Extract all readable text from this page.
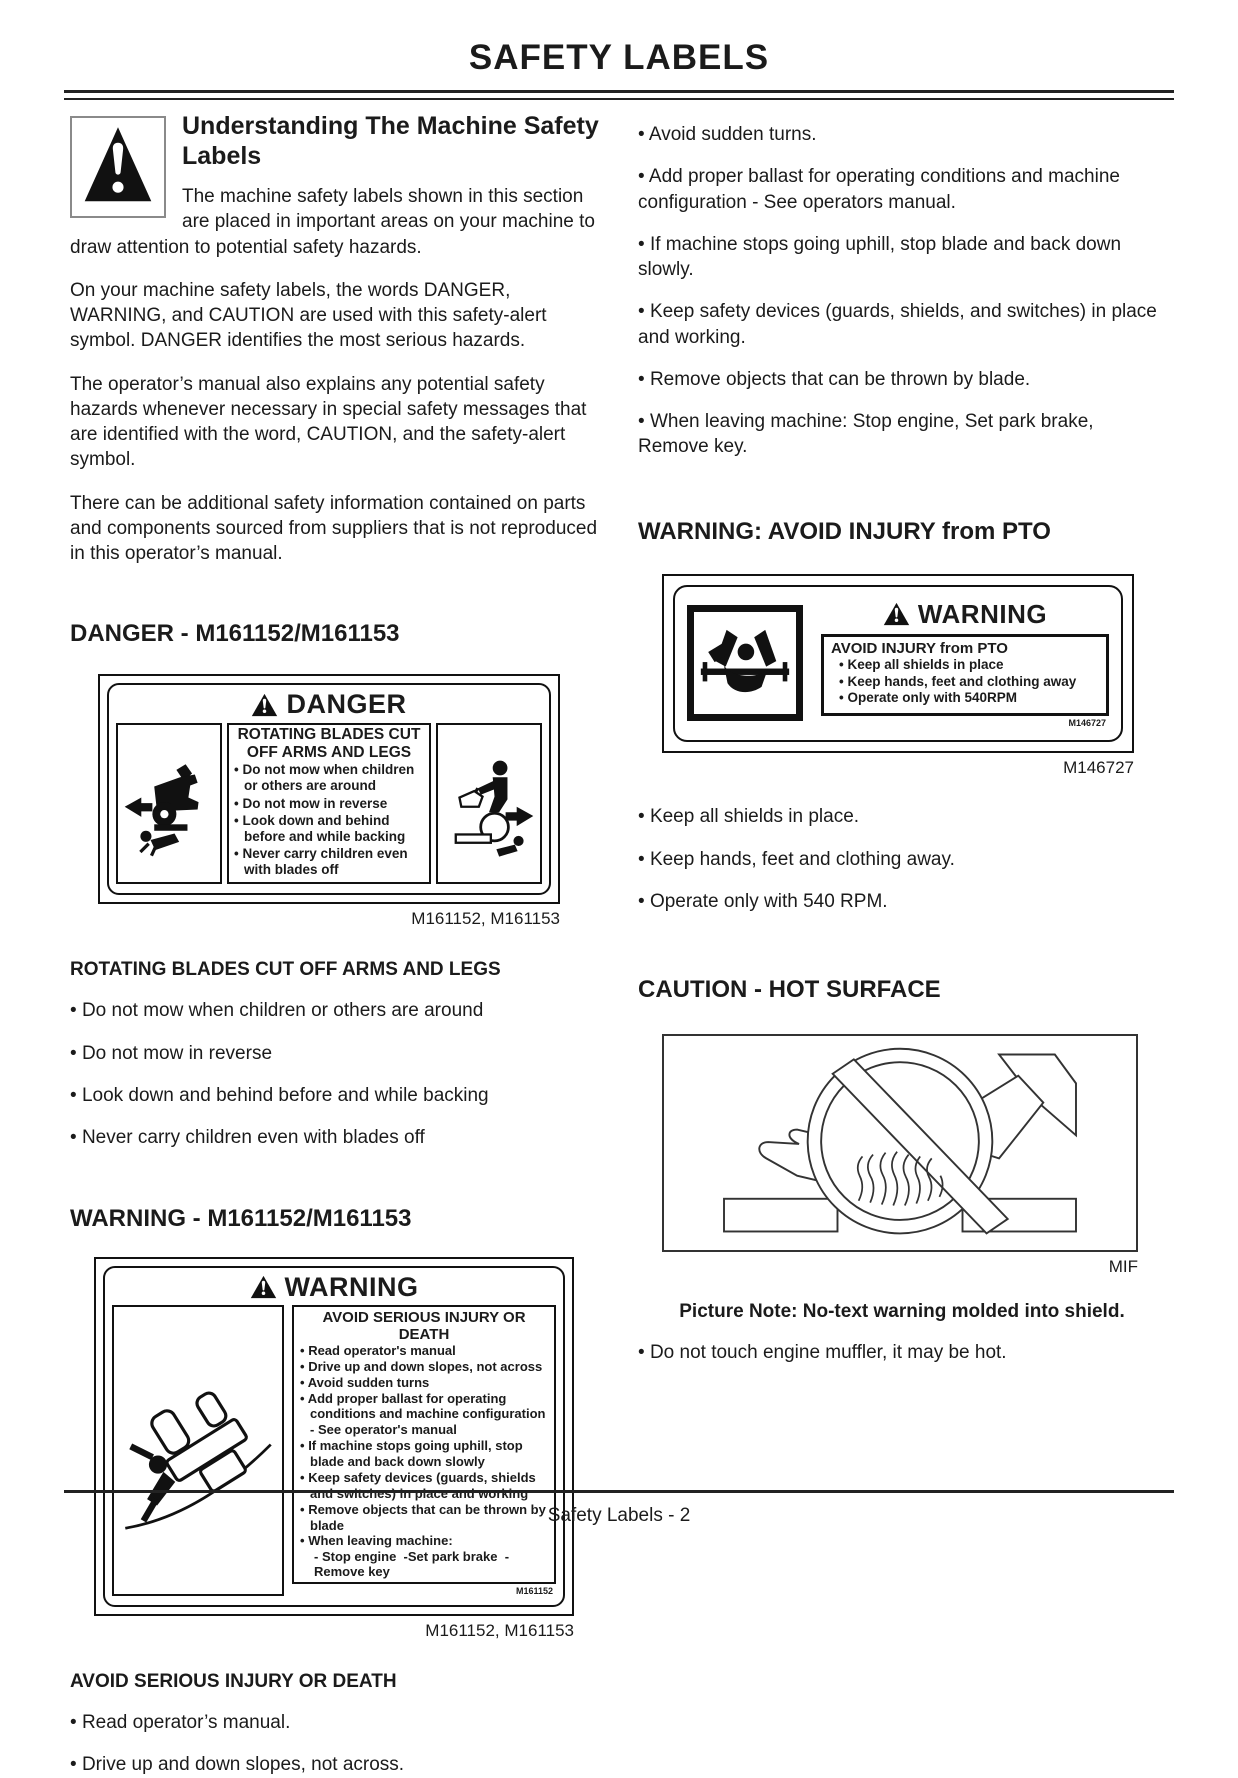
SAFETY LABELS
Understanding The Machine Safety Labels

The machine safety labels shown in this section are placed in important areas on your machine to draw attention to potential safety hazards.

On your machine safety labels, the words DANGER, WARNING, and CAUTION are used with this safety-alert symbol. DANGER identifies the most serious hazards.

The operator’s manual also explains any potential safety hazards whenever necessary in special safety messages that are identified with the word, CAUTION, and the safety-alert symbol.

There can be additional safety information contained on parts and components sourced from suppliers that is not reproduced in this operator’s manual.

DANGER - M161152/M161153
DANGER
ROTATING BLADES CUT
OFF ARMS AND LEGS
• Do not mow when children or others are around
• Do not mow in reverse
• Look down and behind before and while backing
• Never carry children even with blades off
M161152, M161153
ROTATING BLADES CUT OFF ARMS AND LEGS
• Do not mow when children or others are around
• Do not mow in reverse
• Look down and behind before and while backing
• Never carry children even with blades off
WARNING - M161152/M161153
WARNING
AVOID SERIOUS INJURY OR DEATH
• Read operator's manual
• Drive up and down slopes, not across
• Avoid sudden turns
• Add proper ballast for operating conditions and machine configuration - See operator's manual
• If machine stops going uphill, stop blade and back down slowly
• Keep safety devices (guards, shields and switches) in place and working
• Remove objects that can be thrown by blade
• When leaving machine:
- Stop engine  -Set park brake  - Remove key
M161152
M161152, M161153
AVOID SERIOUS INJURY OR DEATH
• Read operator’s manual.
• Drive up and down slopes, not across.
• Avoid sudden turns.
• Add proper ballast for operating conditions and machine configuration - See operators manual.
• If machine stops going uphill, stop blade and back down slowly.
• Keep safety devices (guards, shields, and switches) in place and working.
• Remove objects that can be thrown by blade.
• When leaving machine: Stop engine, Set park brake, Remove key.
WARNING: AVOID INJURY from PTO
WARNING
AVOID INJURY from PTO
• Keep all shields in place
• Keep hands, feet and clothing away
• Operate only with 540RPM
M146727
M146727
• Keep all shields in place.
• Keep hands, feet and clothing away.
• Operate only with 540 RPM.
CAUTION - HOT SURFACE
MIF
Picture Note: No-text warning molded into shield.
• Do not touch engine muffler, it may be hot.
Safety Labels - 2
